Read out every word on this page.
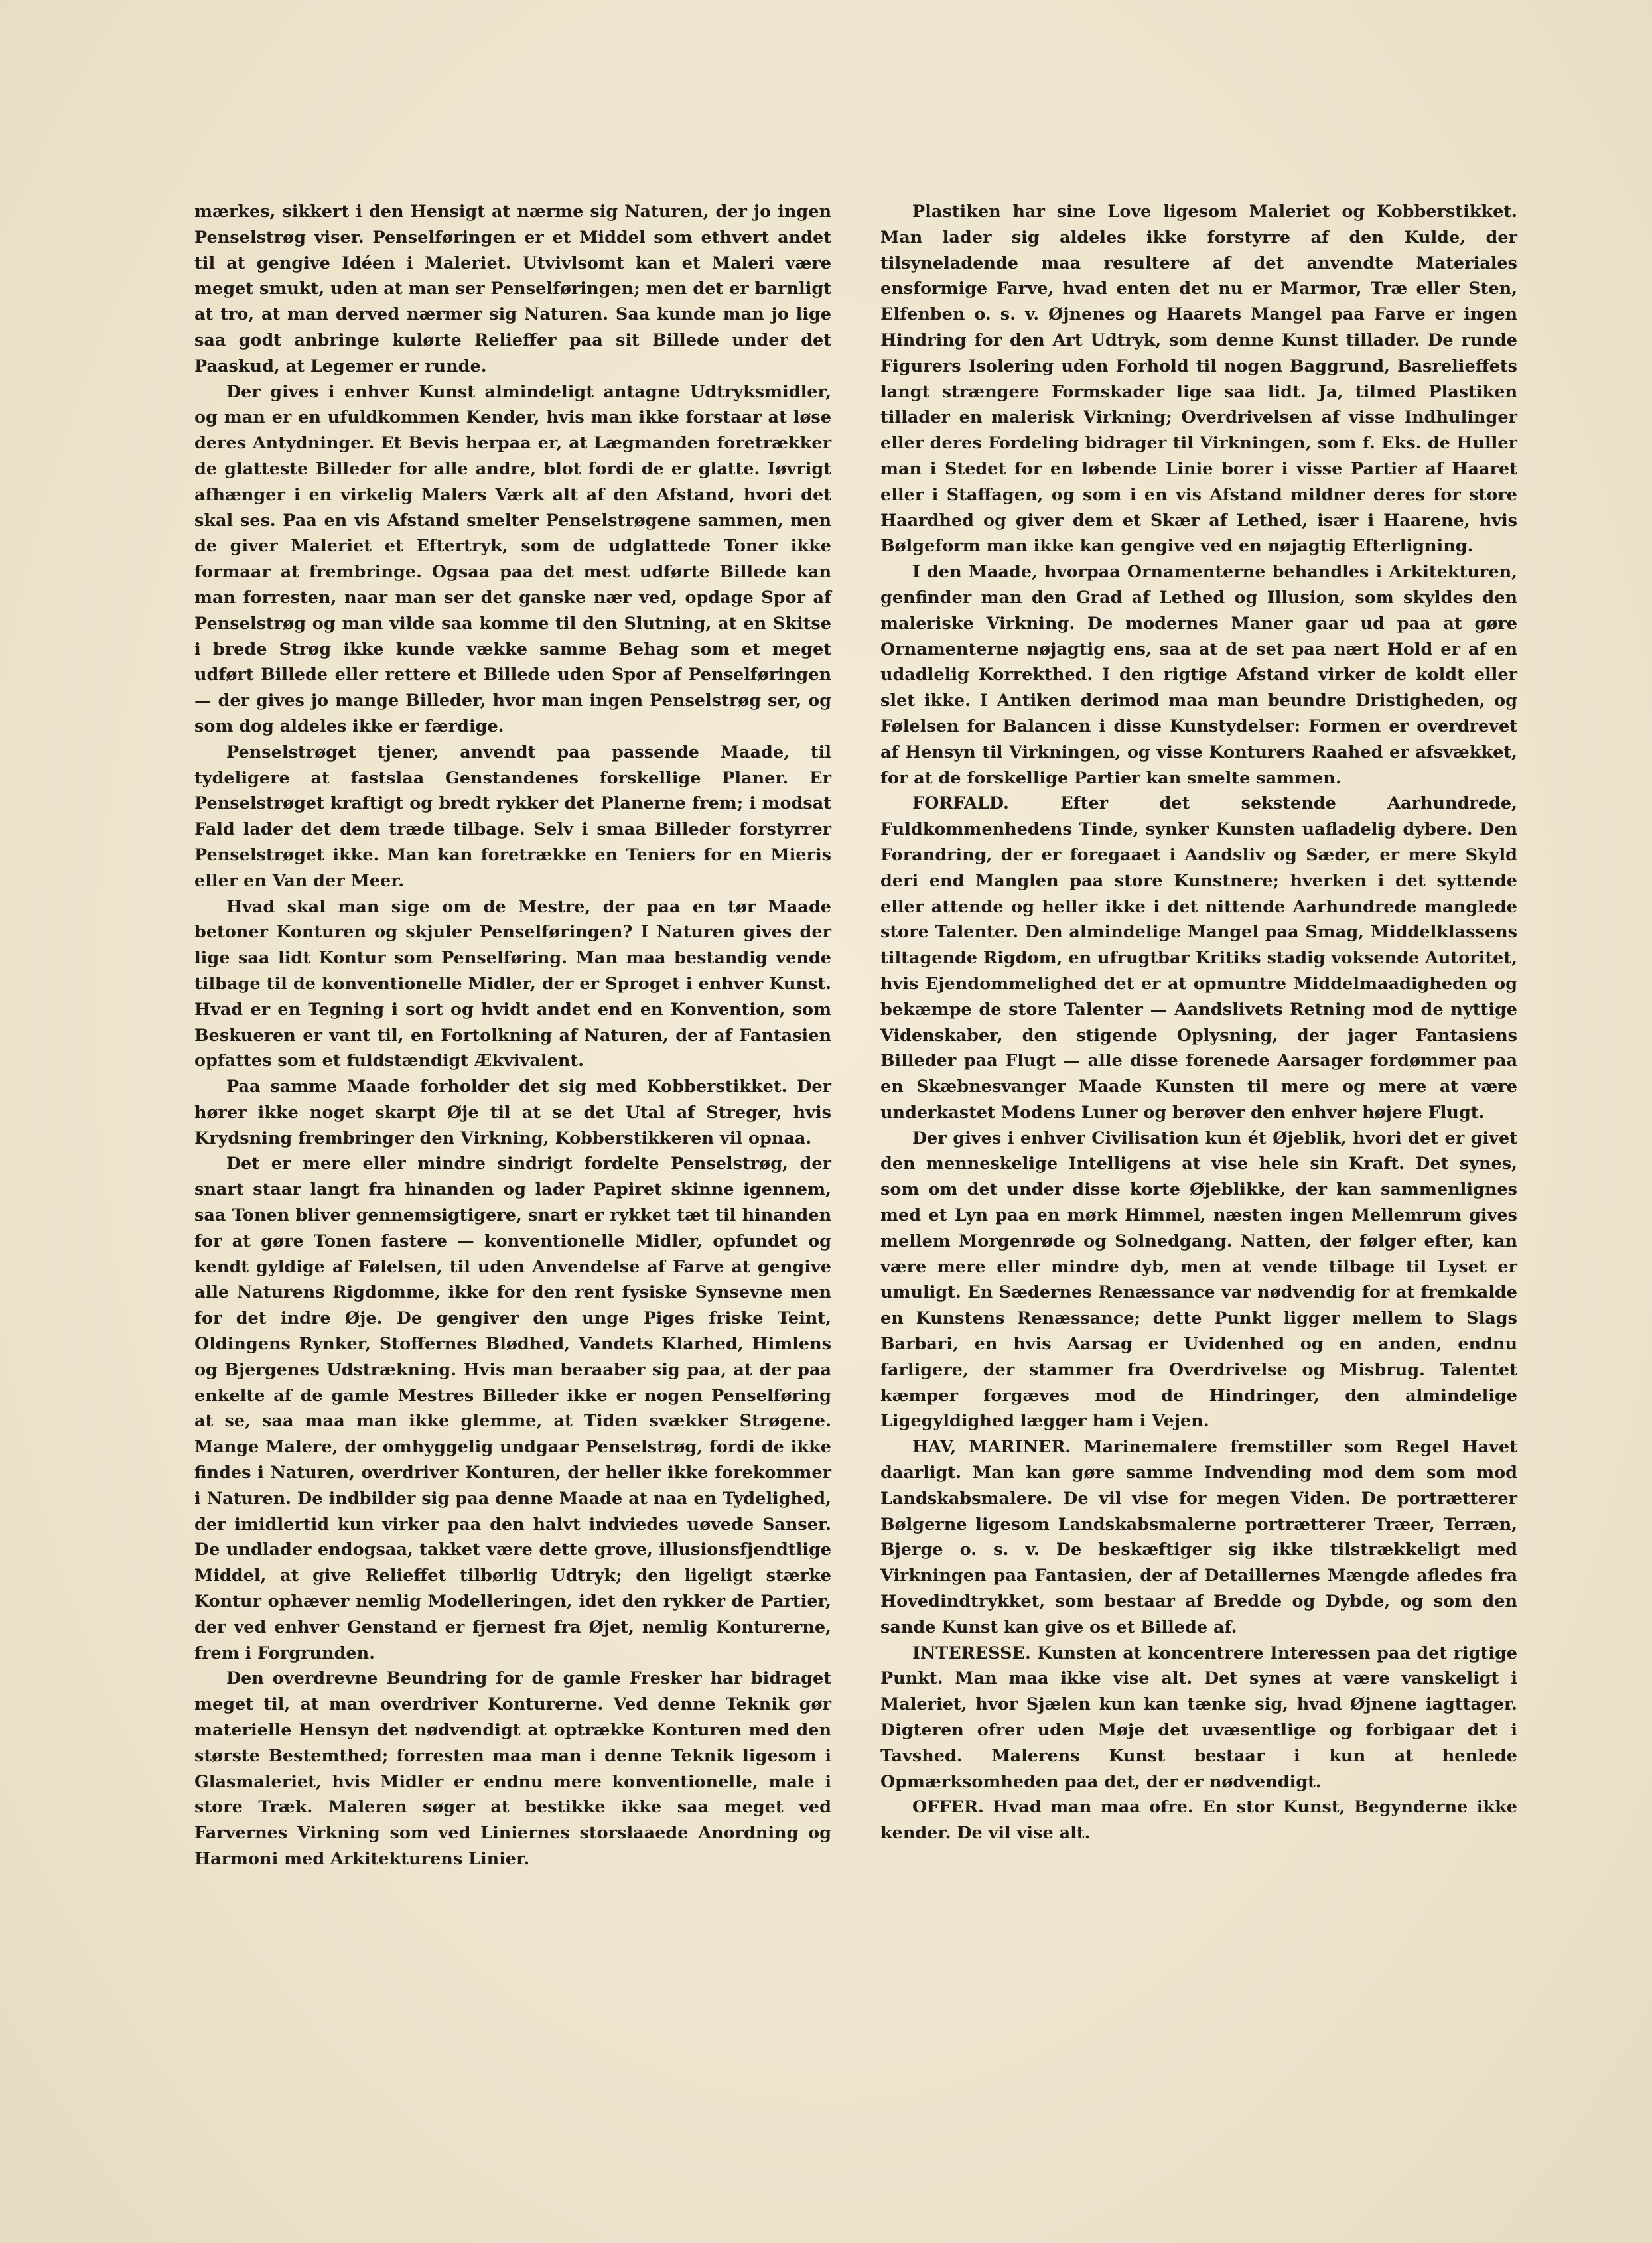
mærkes, sikkert i den Hensigt at nærme sig Naturen, der jo ingen Penselstrøg viser. Penselføringen er et Middel som ethvert andet til at gengive Idéen i Maleriet. Utvivlsomt kan et Maleri være meget smukt, uden at man ser Penselføringen; men det er barnligt at tro, at man derved nærmer sig Naturen. Saa kunde man jo lige saa godt anbringe kulørte Relieffer paa sit Billede under det Paaskud, at Legemer er runde.

Der gives i enhver Kunst almindeligt antagne Udtryksmidler, og man er en ufuldkommen Kender, hvis man ikke forstaar at løse deres Antydninger. Et Bevis herpaa er, at Lægmanden foretrækker de glatteste Billeder for alle andre, blot fordi de er glatte. Iøvrigt afhænger i en virkelig Malers Værk alt af den Afstand, hvori det skal ses. Paa en vis Afstand smelter Penselstrøgene sammen, men de giver Maleriet et Eftertryk, som de udglattede Toner ikke formaar at frembringe. Ogsaa paa det mest udførte Billede kan man forresten, naar man ser det ganske nær ved, opdage Spor af Penselstrøg og man vilde saa komme til den Slutning, at en Skitse i brede Strøg ikke kunde vække samme Behag som et meget udført Billede eller rettere et Billede uden Spor af Penselføringen — der gives jo mange Billeder, hvor man ingen Penselstrøg ser, og som dog aldeles ikke er færdige.

Penselstrøget tjener, anvendt paa passende Maade, til tydeligere at fastslaa Genstandenes forskellige Planer. Er Penselstrøget kraftigt og bredt rykker det Planerne frem; i modsat Fald lader det dem træde tilbage. Selv i smaa Billeder forstyrrer Penselstrøget ikke. Man kan foretrække en Teniers for en Mieris eller en Van der Meer.

Hvad skal man sige om de Mestre, der paa en tør Maade betoner Konturen og skjuler Penselføringen? I Naturen gives der lige saa lidt Kontur som Penselføring. Man maa bestandig vende tilbage til de konventionelle Midler, der er Sproget i enhver Kunst. Hvad er en Tegning i sort og hvidt andet end en Konvention, som Beskueren er vant til, en Fortolkning af Naturen, der af Fantasien opfattes som et fuldstændigt Ækvivalent.

Paa samme Maade forholder det sig med Kobberstikket. Der hører ikke noget skarpt Øje til at se det Utal af Streger, hvis Krydsning frembringer den Virkning, Kobberstikkeren vil opnaa.

Det er mere eller mindre sindrigt fordelte Penselstrøg, der snart staar langt fra hinanden og lader Papiret skinne igennem, saa Tonen bliver gennemsigtigere, snart er rykket tæt til hinanden for at gøre Tonen fastere — konventionelle Midler, opfundet og kendt gyldige af Følelsen, til uden Anvendelse af Farve at gengive alle Naturens Rigdomme, ikke for den rent fysiske Synsevne men for det indre Øje. De gengiver den unge Piges friske Teint, Oldingens Rynker, Stoffernes Blødhed, Vandets Klarhed, Himlens og Bjergenes Udstrækning. Hvis man beraaber sig paa, at der paa enkelte af de gamle Mestres Billeder ikke er nogen Penselføring at se, saa maa man ikke glemme, at Tiden svækker Strøgene. Mange Malere, der omhyggelig undgaar Penselstrøg, fordi de ikke findes i Naturen, overdriver Konturen, der heller ikke forekommer i Naturen. De indbilder sig paa denne Maade at naa en Tydelighed, der imidlertid kun virker paa den halvt indviedes uøvede Sanser. De undlader endogsaa, takket være dette grove, illusionsfjendtlige Middel, at give Relieffet tilbørlig Udtryk; den ligeligt stærke Kontur ophæver nemlig Modelleringen, idet den rykker de Partier, der ved enhver Genstand er fjernest fra Øjet, nemlig Konturerne, frem i Forgrunden.

Den overdrevne Beundring for de gamle Fresker har bidraget meget til, at man overdriver Konturerne. Ved denne Teknik gør materielle Hensyn det nødvendigt at optrække Konturen med den største Bestemthed; forresten maa man i denne Teknik ligesom i Glasmaleriet, hvis Midler er endnu mere konventionelle, male i store Træk. Maleren søger at bestikke ikke saa meget ved Farvernes Virkning som ved Liniernes storslaaede Anordning og Harmoni med Arkitekturens Linier.

Plastiken har sine Love ligesom Maleriet og Kobberstikket. Man lader sig aldeles ikke forstyrre af den Kulde, der tilsyneladende maa resultere af det anvendte Materiales ensformige Farve, hvad enten det nu er Marmor, Træ eller Sten, Elfenben o. s. v. Øjnenes og Haarets Mangel paa Farve er ingen Hindring for den Art Udtryk, som denne Kunst tillader. De runde Figurers Isolering uden Forhold til nogen Baggrund, Basrelieffets langt strængere Formskader lige saa lidt. Ja, tilmed Plastiken tillader en malerisk Virkning; Overdrivelsen af visse Indhulinger eller deres Fordeling bidrager til Virkningen, som f. Eks. de Huller man i Stedet for en løbende Linie borer i visse Partier af Haaret eller i Staffagen, og som i en vis Afstand mildner deres for store Haardhed og giver dem et Skær af Lethed, især i Haarene, hvis Bølgeform man ikke kan gengive ved en nøjagtig Efterligning.

I den Maade, hvorpaa Ornamenterne behandles i Arkitekturen, genfinder man den Grad af Lethed og Illusion, som skyldes den maleriske Virkning. De modernes Maner gaar ud paa at gøre Ornamenterne nøjagtig ens, saa at de set paa nært Hold er af en udadlelig Korrekthed. I den rigtige Afstand virker de koldt eller slet ikke. I Antiken derimod maa man beundre Dristigheden, og Følelsen for Balancen i disse Kunstydelser: Formen er overdrevet af Hensyn til Virkningen, og visse Konturers Raahed er afsvækket, for at de forskellige Partier kan smelte sammen.

FORFALD. Efter det sekstende Aarhundrede, Fuldkommenhedens Tinde, synker Kunsten uafladelig dybere. Den Forandring, der er foregaaet i Aandsliv og Sæder, er mere Skyld deri end Manglen paa store Kunstnere; hverken i det syttende eller attende og heller ikke i det nittende Aarhundrede manglede store Talenter. Den almindelige Mangel paa Smag, Middelklassens tiltagende Rigdom, en ufrugtbar Kritiks stadig voksende Autoritet, hvis Ejendommelighed det er at opmuntre Middelmaadigheden og bekæmpe de store Talenter — Aandslivets Retning mod de nyttige Videnskaber, den stigende Oplysning, der jager Fantasiens Billeder paa Flugt — alle disse forenede Aarsager fordømmer paa en Skæbnesvanger Maade Kunsten til mere og mere at være underkastet Modens Luner og berøver den enhver højere Flugt.

Der gives i enhver Civilisation kun ét Øjeblik, hvori det er givet den menneskelige Intelligens at vise hele sin Kraft. Det synes, som om det under disse korte Øjeblikke, der kan sammenlignes med et Lyn paa en mørk Himmel, næsten ingen Mellemrum gives mellem Morgenrøde og Solnedgang. Natten, der følger efter, kan være mere eller mindre dyb, men at vende tilbage til Lyset er umuligt. En Sædernes Renæssance var nødvendig for at fremkalde en Kunstens Renæssance; dette Punkt ligger mellem to Slags Barbari, en hvis Aarsag er Uvidenhed og en anden, endnu farligere, der stammer fra Overdrivelse og Misbrug. Talentet kæmper forgæves mod de Hindringer, den almindelige Ligegyldighed lægger ham i Vejen.

HAV, MARINER. Marinemalere fremstiller som Regel Havet daarligt. Man kan gøre samme Indvending mod dem som mod Landskabsmalere. De vil vise for megen Viden. De portrætterer Bølgerne ligesom Landskabsmalerne portrætterer Træer, Terræn, Bjerge o. s. v. De beskæftiger sig ikke tilstrækkeligt med Virkningen paa Fantasien, der af Detaillernes Mængde afledes fra Hovedindtrykket, som bestaar af Bredde og Dybde, og som den sande Kunst kan give os et Billede af.

INTERESSE. Kunsten at koncentrere Interessen paa det rigtige Punkt. Man maa ikke vise alt. Det synes at være vanskeligt i Maleriet, hvor Sjælen kun kan tænke sig, hvad Øjnene iagttager. Digteren ofrer uden Møje det uvæsentlige og forbigaar det i Tavshed. Malerens Kunst bestaar i kun at henlede Opmærksomheden paa det, der er nødvendigt.

OFFER. Hvad man maa ofre. En stor Kunst, Begynderne ikke kender. De vil vise alt.
